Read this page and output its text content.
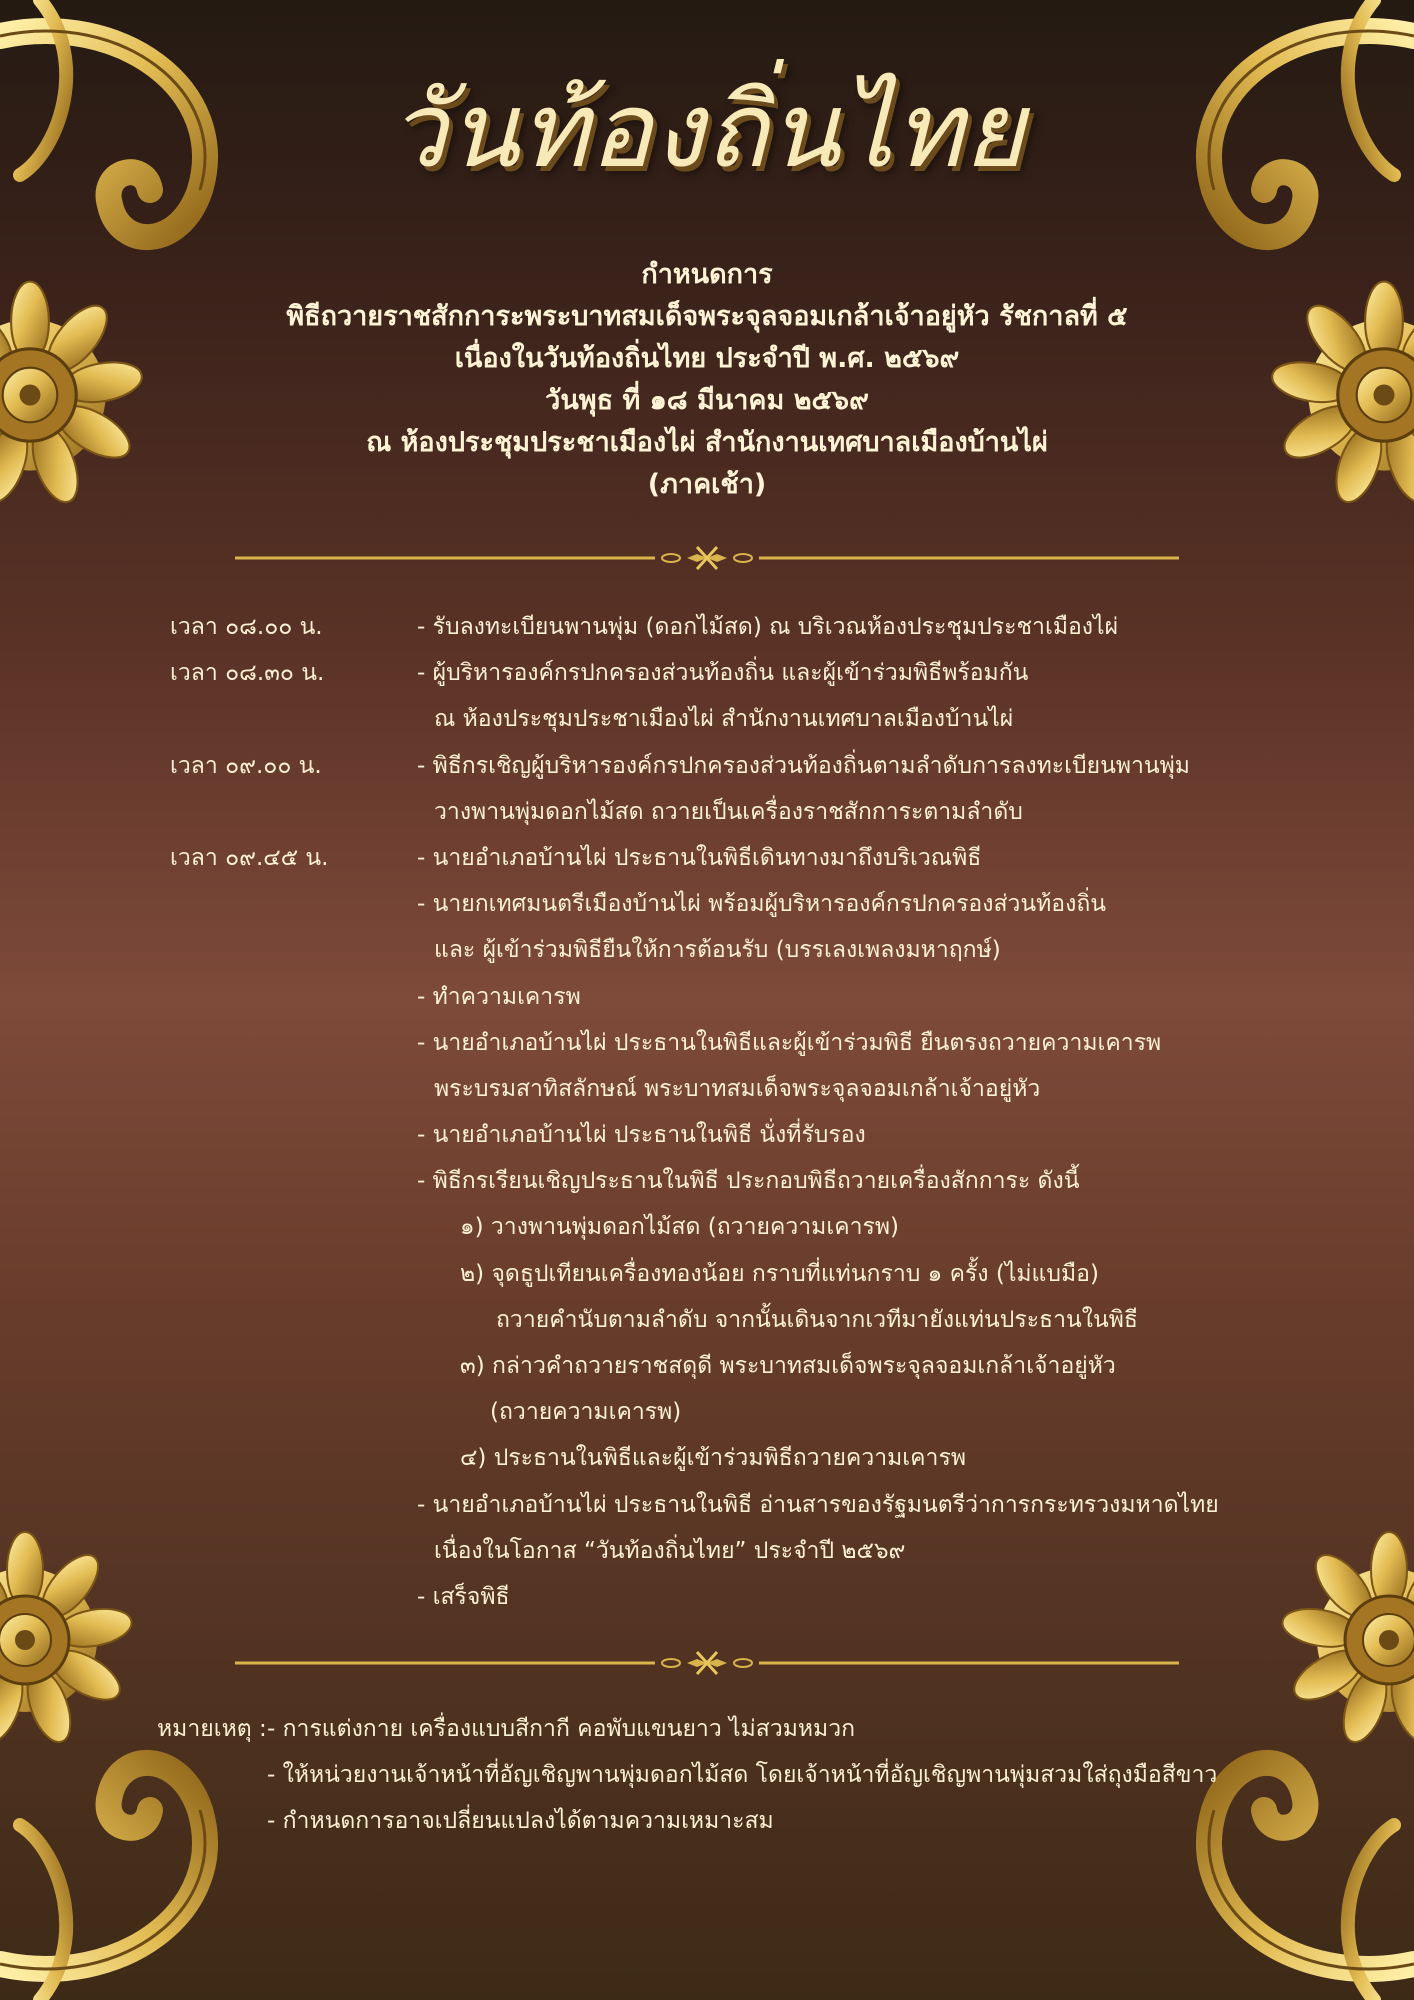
วันท้องถิ่นไทย
กำหนดการ
พิธีถวายราชสักการะพระบาทสมเด็จพระจุลจอมเกล้าเจ้าอยู่หัว รัชกาลที่ ๕
เนื่องในวันท้องถิ่นไทย ประจำปี พ.ศ. ๒๕๖๙
วันพุธ ที่ ๑๘ มีนาคม ๒๕๖๙
ณ ห้องประชุมประชาเมืองไผ่ สำนักงานเทศบาลเมืองบ้านไผ่
(ภาคเช้า)
เวลา ๐๘.๐๐ น.	- รับลงทะเบียนพานพุ่ม (ดอกไม้สด) ณ บริเวณห้องประชุมประชาเมืองไผ่
เวลา ๐๘.๓๐ น.	- ผู้บริหารองค์กรปกครองส่วนท้องถิ่น และผู้เข้าร่วมพิธีพร้อมกัน
ณ ห้องประชุมประชาเมืองไผ่ สำนักงานเทศบาลเมืองบ้านไผ่
เวลา ๐๙.๐๐ น.	- พิธีกรเชิญผู้บริหารองค์กรปกครองส่วนท้องถิ่นตามลำดับการลงทะเบียนพานพุ่ม
วางพานพุ่มดอกไม้สด ถวายเป็นเครื่องราชสักการะตามลำดับ
เวลา ๐๙.๔๕ น.	- นายอำเภอบ้านไผ่ ประธานในพิธีเดินทางมาถึงบริเวณพิธี
- นายกเทศมนตรีเมืองบ้านไผ่ พร้อมผู้บริหารองค์กรปกครองส่วนท้องถิ่น
และ ผู้เข้าร่วมพิธียืนให้การต้อนรับ (บรรเลงเพลงมหาฤกษ์)
- ทำความเคารพ
- นายอำเภอบ้านไผ่ ประธานในพิธีและผู้เข้าร่วมพิธี ยืนตรงถวายความเคารพ
พระบรมสาทิสลักษณ์ พระบาทสมเด็จพระจุลจอมเกล้าเจ้าอยู่หัว
- นายอำเภอบ้านไผ่ ประธานในพิธี นั่งที่รับรอง
- พิธีกรเรียนเชิญประธานในพิธี ประกอบพิธีถวายเครื่องสักการะ ดังนี้
๑) วางพานพุ่มดอกไม้สด (ถวายความเคารพ)
๒) จุดธูปเทียนเครื่องทองน้อย กราบที่แท่นกราบ ๑ ครั้ง (ไม่แบมือ)
ถวายคำนับตามลำดับ จากนั้นเดินจากเวทีมายังแท่นประธานในพิธี
๓) กล่าวคำถวายราชสดุดี พระบาทสมเด็จพระจุลจอมเกล้าเจ้าอยู่หัว
(ถวายความเคารพ)
๔) ประธานในพิธีและผู้เข้าร่วมพิธีถวายความเคารพ
- นายอำเภอบ้านไผ่ ประธานในพิธี อ่านสารของรัฐมนตรีว่าการกระทรวงมหาดไทย
เนื่องในโอกาส “วันท้องถิ่นไทย” ประจำปี ๒๕๖๙
- เสร็จพิธี
หมายเหตุ : - การแต่งกาย เครื่องแบบสีกากี คอพับแขนยาว ไม่สวมหมวก
- ให้หน่วยงานเจ้าหน้าที่อัญเชิญพานพุ่มดอกไม้สด โดยเจ้าหน้าที่อัญเชิญพานพุ่มสวมใส่ถุงมือสีขาว
- กำหนดการอาจเปลี่ยนแปลงได้ตามความเหมาะสม
